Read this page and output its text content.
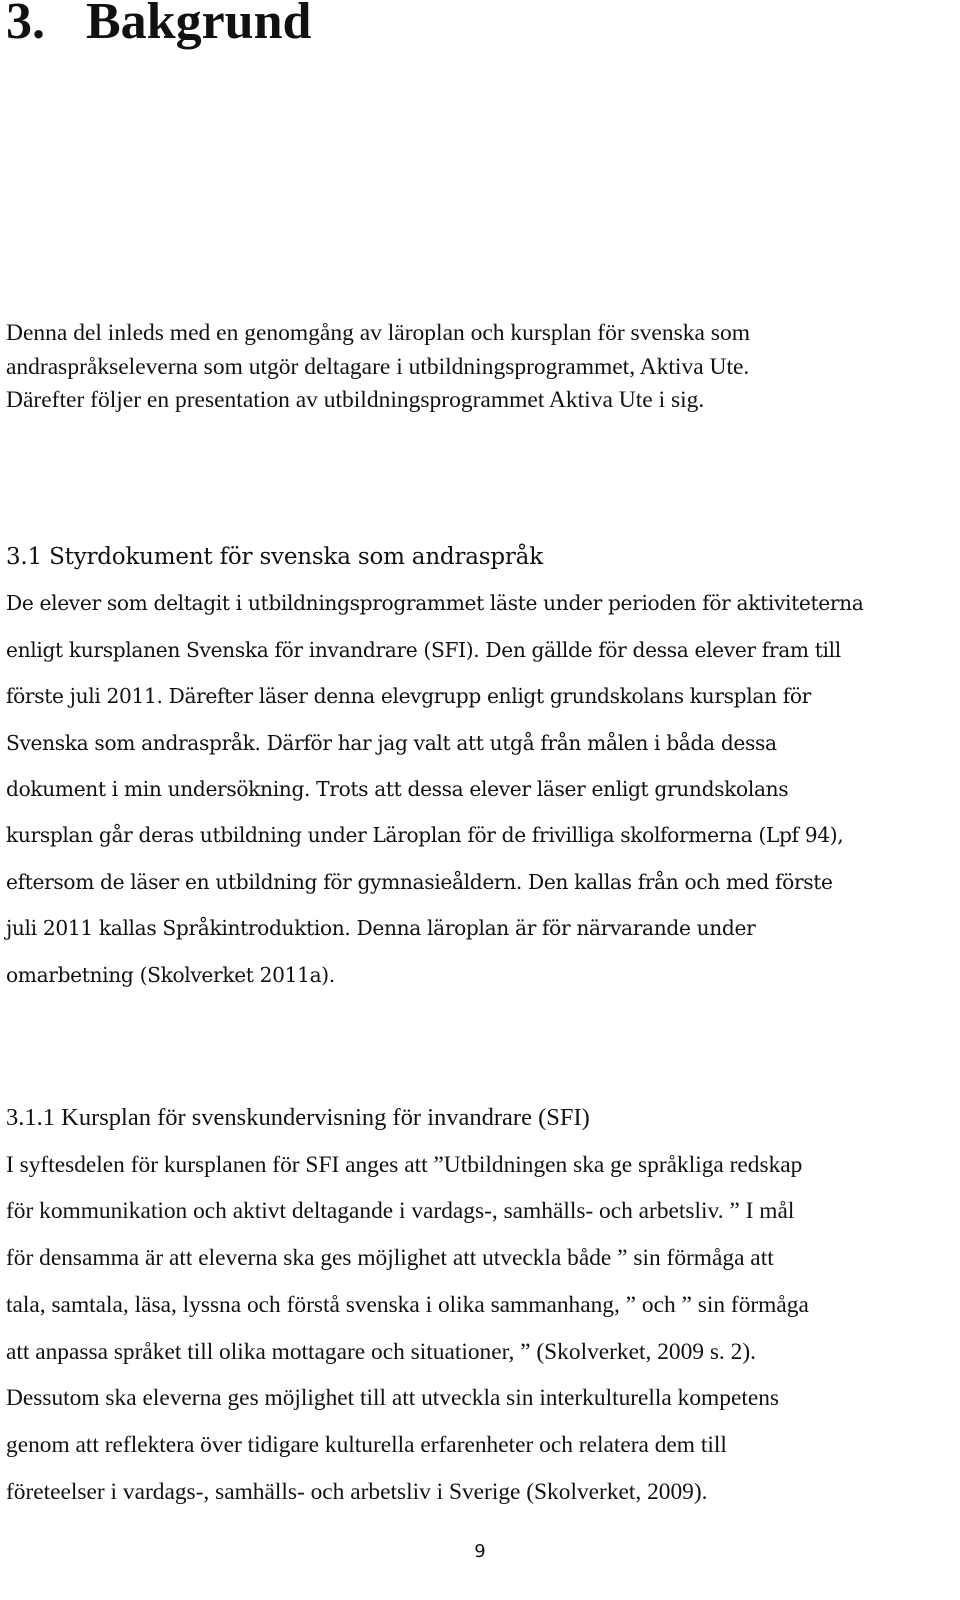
3. Bakgrund

Denna del inleds med en genomgång av läroplan och kursplan för svenska som
andraspråkseleverna som utgör deltagare i utbildningsprogrammet, Aktiva Ute.
Därefter följer en presentation av utbildningsprogrammet Aktiva Ute i sig.

3.1 Styrdokument för svenska som andraspråk
De elever som deltagit i utbildningsprogrammet läste under perioden för aktiviteterna
enligt kursplanen Svenska för invandrare (SFI). Den gällde för dessa elever fram till
förste juli 2011. Därefter läser denna elevgrupp enligt grundskolans kursplan för
Svenska som andraspråk. Därför har jag valt att utgå från målen i båda dessa
dokument i min undersökning. Trots att dessa elever läser enligt grundskolans
kursplan går deras utbildning under Läroplan för de frivilliga skolformerna (Lpf 94),
eftersom de läser en utbildning för gymnasieåldern. Den kallas från och med förste
juli 2011 kallas Språkintroduktion. Denna läroplan är för närvarande under
omarbetning (Skolverket 2011a).
3.1.1 Kursplan för svenskundervisning för invandrare (SFI)
I syftesdelen för kursplanen för SFI anges att ”Utbildningen ska ge språkliga redskap
för kommunikation och aktivt deltagande i vardags-, samhälls- och arbetsliv. ” I mål
för densamma är att eleverna ska ges möjlighet att utveckla både ” sin förmåga att
tala, samtala, läsa, lyssna och förstå svenska i olika sammanhang, ” och ” sin förmåga
att anpassa språket till olika mottagare och situationer, ” (Skolverket, 2009 s. 2).
Dessutom ska eleverna ges möjlighet till att utveckla sin interkulturella kompetens
genom att reflektera över tidigare kulturella erfarenheter och relatera dem till
företeelser i vardags-, samhälls- och arbetsliv i Sverige (Skolverket, 2009).
9
